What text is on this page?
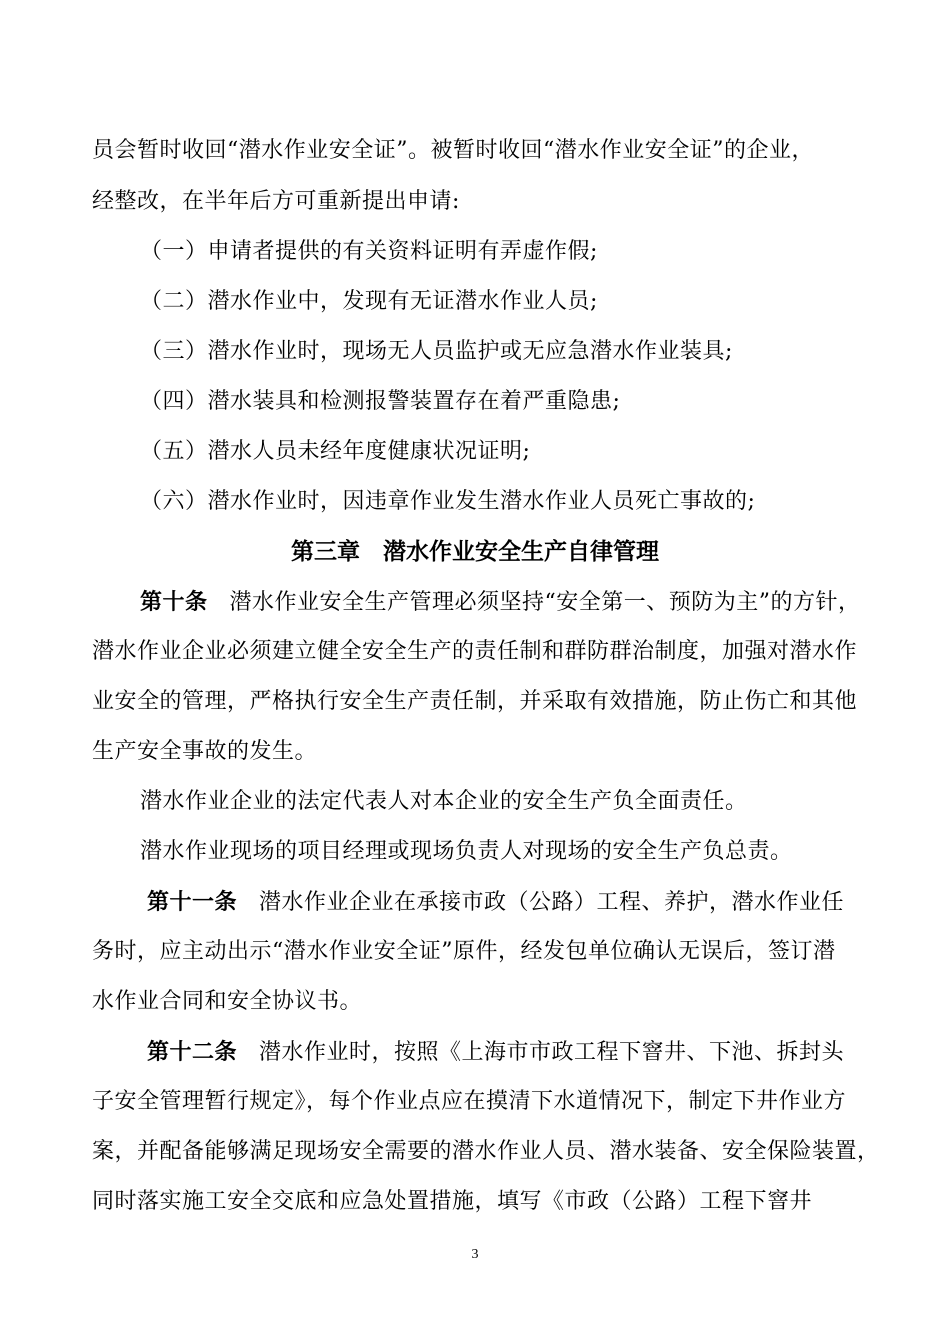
员会暂时收回“潜水作业安全证”。被暂时收回“潜水作业安全证”的企业，
经整改，在半年后方可重新提出申请:
（一）申请者提供的有关资料证明有弄虚作假;
（二）潜水作业中，发现有无证潜水作业人员;
（三）潜水作业时，现场无人员监护或无应急潜水作业装具;
（四）潜水装具和检测报警装置存在着严重隐患;
（五）潜水人员未经年度健康状况证明;
（六）潜水作业时，因违章作业发生潜水作业人员死亡事故的;
第三章　潜水作业安全生产自律管理
第十条 潜水作业安全生产管理必须坚持“安全第一、预防为主”的方针，
潜水作业企业必须建立健全安全生产的责任制和群防群治制度，加强对潜水作
业安全的管理，严格执行安全生产责任制，并采取有效措施，防止伤亡和其他
生产安全事故的发生。
潜水作业企业的法定代表人对本企业的安全生产负全面责任。
潜水作业现场的项目经理或现场负责人对现场的安全生产负总责。
第十一条 潜水作业企业在承接市政（公路）工程、养护，潜水作业任
务时，应主动出示“潜水作业安全证”原件，经发包单位确认无误后，签订潜
水作业合同和安全协议书。
第十二条 潜水作业时，按照《上海市市政工程下窨井、下池、拆封头
子安全管理暂行规定》，每个作业点应在摸清下水道情况下，制定下井作业方
案，并配备能够满足现场安全需要的潜水作业人员、潜水装备、安全保险装置，
同时落实施工安全交底和应急处置措施，填写《市政（公路）工程下窨井
3
